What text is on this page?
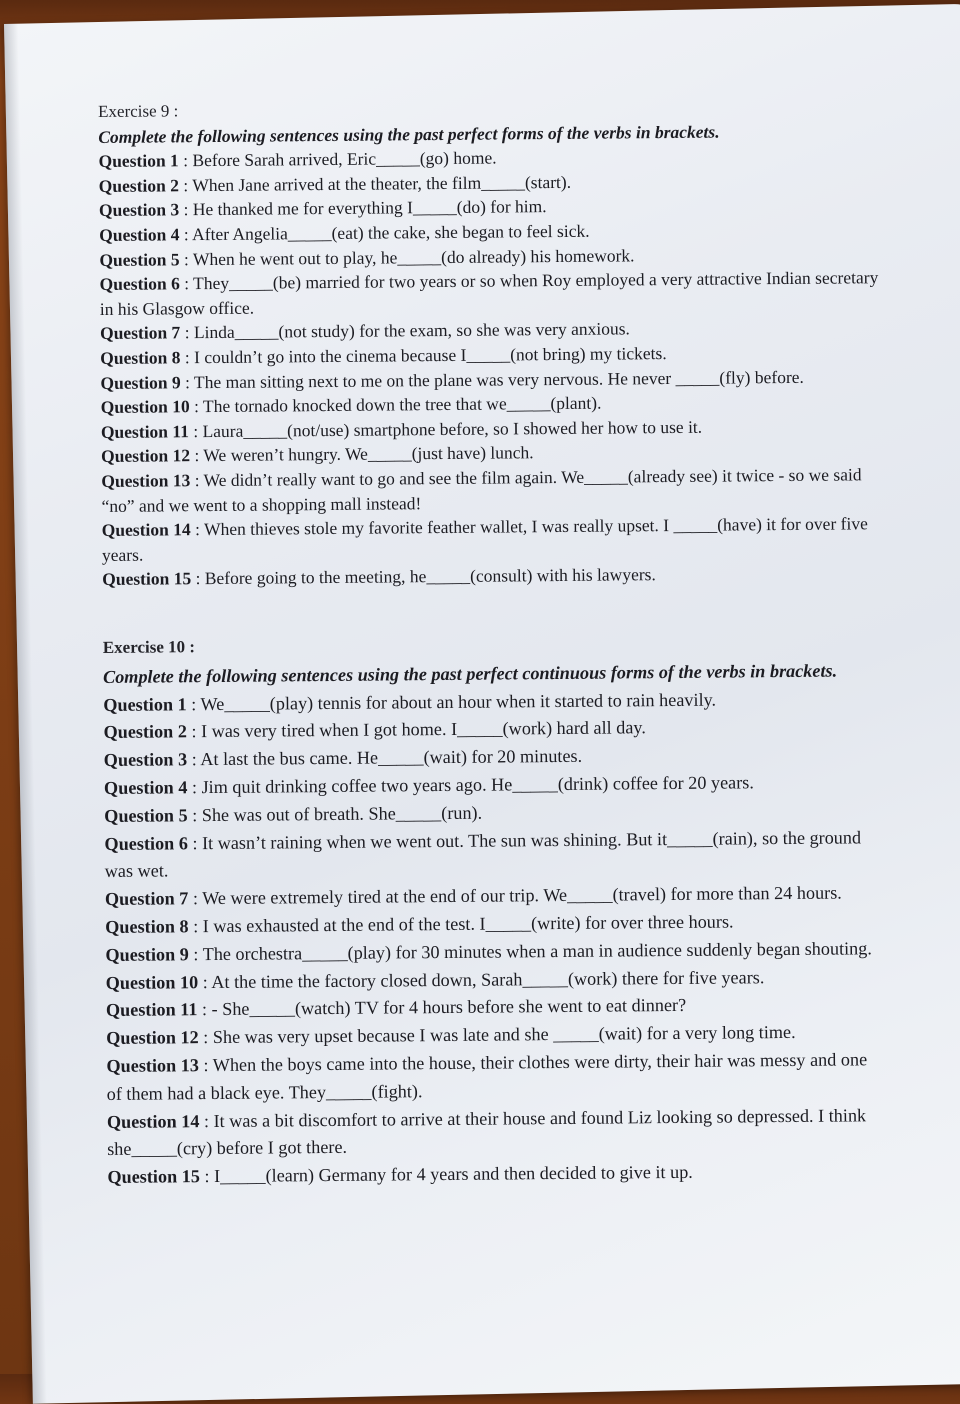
Exercise 9 :

Complete the following sentences using the past perfect forms of the verbs in brackets.

Question 1 : Before Sarah arrived, Eric_____(go) home.

Question 2 : When Jane arrived at the theater, the film_____(start).

Question 3 : He thanked me for everything I_____(do) for him.

Question 4 : After Angelia_____(eat) the cake, she began to feel sick.

Question 5 : When he went out to play, he_____(do already) his homework.

Question 6 : They_____(be) married for two years or so when Roy employed a very attractive Indian secretary in his Glasgow office.

Question 7 : Linda_____(not study) for the exam, so she was very anxious.

Question 8 : I couldn’t go into the cinema because I_____(not bring) my tickets.

Question 9 : The man sitting next to me on the plane was very nervous. He never _____(fly) before.

Question 10 : The tornado knocked down the tree that we_____(plant).

Question 11 : Laura_____(not/use) smartphone before, so I showed her how to use it.

Question 12 : We weren’t hungry. We_____(just have) lunch.

Question 13 : We didn’t really want to go and see the film again. We_____(already see) it twice - so we said “no” and we went to a shopping mall instead!

Question 14 : When thieves stole my favorite feather wallet, I was really upset. I _____(have) it for over five years.

Question 15 : Before going to the meeting, he_____(consult) with his lawyers.

Exercise 10 :

Complete the following sentences using the past perfect continuous forms of the verbs in brackets.

Question 1 : We_____(play) tennis for about an hour when it started to rain heavily.

Question 2 : I was very tired when I got home. I_____(work) hard all day.

Question 3 : At last the bus came. He_____(wait) for 20 minutes.

Question 4 : Jim quit drinking coffee two years ago. He_____(drink) coffee for 20 years.

Question 5 : She was out of breath. She_____(run).

Question 6 : It wasn’t raining when we went out. The sun was shining. But it_____(rain), so the ground was wet.

Question 7 : We were extremely tired at the end of our trip. We_____(travel) for more than 24 hours.

Question 8 : I was exhausted at the end of the test. I_____(write) for over three hours.

Question 9 : The orchestra_____(play) for 30 minutes when a man in audience suddenly began shouting.

Question 10 : At the time the factory closed down, Sarah_____(work) there for five years.

Question 11 : - She_____(watch) TV for 4 hours before she went to eat dinner?

Question 12 : She was very upset because I was late and she _____(wait) for a very long time.

Question 13 : When the boys came into the house, their clothes were dirty, their hair was messy and one of them had a black eye. They_____(fight).

Question 14 : It was a bit discomfort to arrive at their house and found Liz looking so depressed. I think she_____(cry) before I got there.

Question 15 : I_____(learn) Germany for 4 years and then decided to give it up.
